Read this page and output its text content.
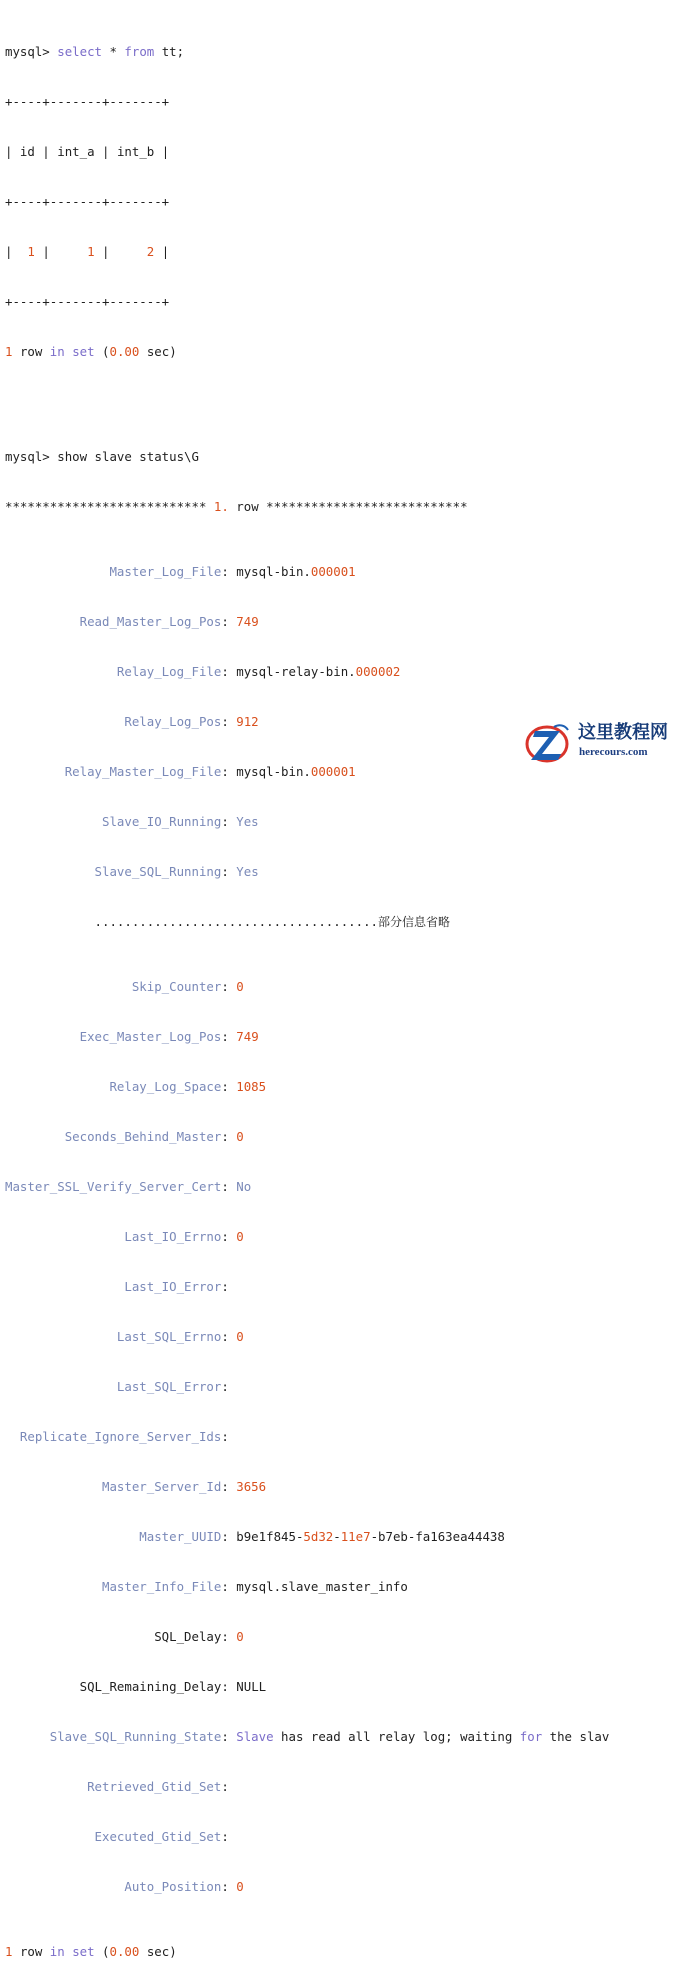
mysql> select * from tt;

+----+-------+-------+

| id | int_a | int_b |

+----+-------+-------+

|  1 |     1 |     2 |

+----+-------+-------+

1 row in set (0.00 sec)

mysql> show slave status\G

*************************** 1. row ***************************

Master_Log_File: mysql-bin.000001

Read_Master_Log_Pos: 749

Relay_Log_File: mysql-relay-bin.000002

Relay_Log_Pos: 912

Relay_Master_Log_File: mysql-bin.000001

Slave_IO_Running: Yes

Slave_SQL_Running: Yes

......................................部分信息省略

Skip_Counter: 0

Exec_Master_Log_Pos: 749

Relay_Log_Space: 1085

Seconds_Behind_Master: 0

Master_SSL_Verify_Server_Cert: No

Last_IO_Errno: 0

Last_IO_Error:

Last_SQL_Errno: 0

Last_SQL_Error:

Replicate_Ignore_Server_Ids:

Master_Server_Id: 3656

Master_UUID: b9e1f845-5d32-11e7-b7eb-fa163ea44438

Master_Info_File: mysql.slave_master_info

SQL_Delay: 0

SQL_Remaining_Delay: NULL

Slave_SQL_Running_State: Slave has read all relay log; waiting for the slav

Retrieved_Gtid_Set:

Executed_Gtid_Set:

Auto_Position: 0

1 row in set (0.00 sec)

这里教程网
herecours.com
